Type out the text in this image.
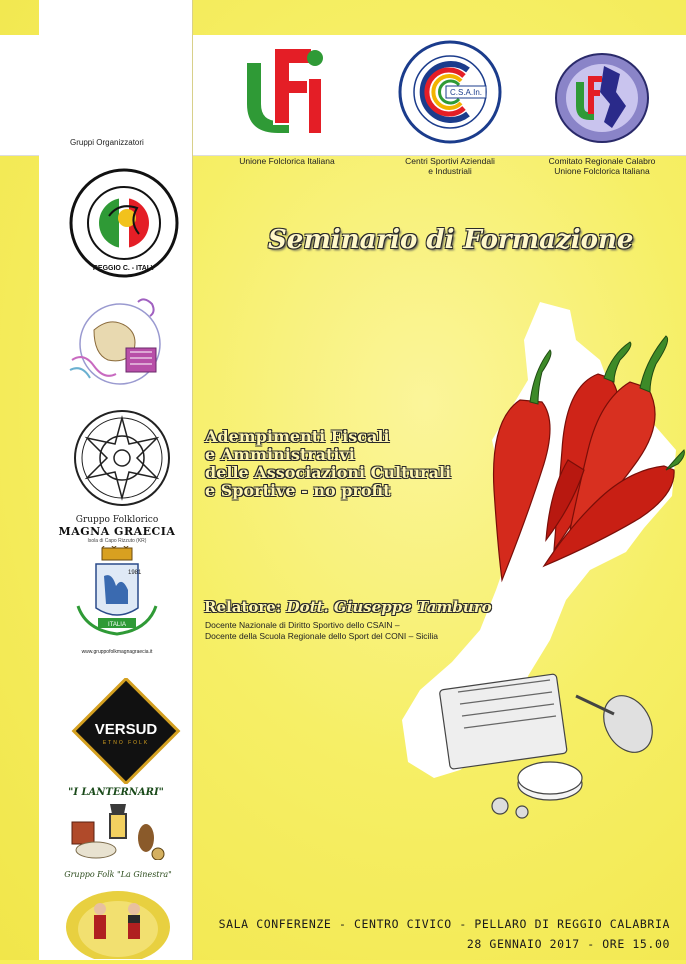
Gruppi Organizzatori
Unione Folclorica Italiana
C.S.A.In.
Centri Sportivi Aziendali
e Industriali
Comitato Regionale Calabro
Unione Folclorica Italiana
REGGIO C. - ITALY
Gruppo Folklorico
MAGNA GRAECIA
Isola di Capo Rizzuto (KR)
1981
ITALIA
www.gruppofolkmagnagraecia.it
VERSUD
ETNO FOLK
"I LANTERNARI"
Gruppo Folk "La Ginestra"
Seminario di Formazione
Adempimenti Fiscali
e Amministrativi
delle Associazioni Culturali
e Sportive - no profit
Relatore: Dott. Giuseppe Tamburo
Docente Nazionale di Diritto Sportivo dello CSAIN –
Docente della Scuola Regionale dello Sport del CONI – Sicilia
SALA CONFERENZE - CENTRO CIVICO - PELLARO DI REGGIO CALABRIA
28 GENNAIO 2017 - ORE 15.00
